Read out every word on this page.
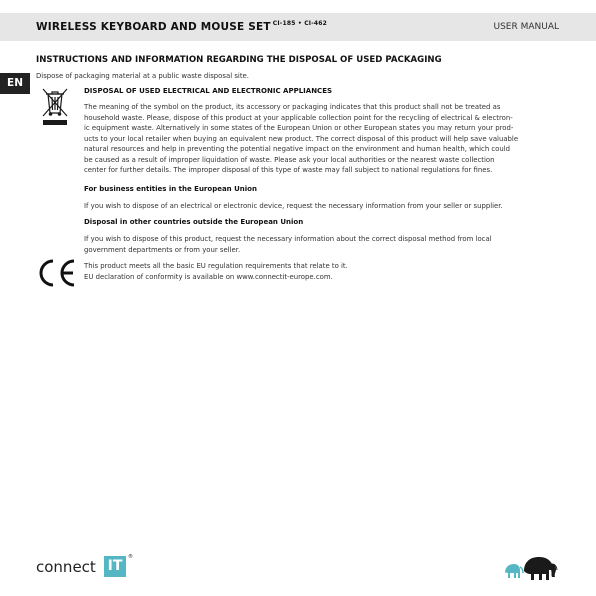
WIRELESS KEYBOARD AND MOUSE SET $^{CI-185 • CI-462}$	USER MANUAL
EN
INSTRUCTIONS AND INFORMATION REGARDING THE DISPOSAL OF USED PACKAGING
Dispose of packaging material at a public waste disposal site.
DISPOSAL OF USED ELECTRICAL AND ELECTRONIC APPLIANCES
The meaning of the symbol on the product, its accessory or packaging indicates that this product shall not be treated as
household waste. Please, dispose of this product at your applicable collection point for the recycling of electrical & electron-
ic equipment waste. Alternatively in some states of the European Union or other European states you may return your prod-
ucts to your local retailer when buying an equivalent new product. The correct disposal of this product will help save valuable
natural resources and help in preventing the potential negative impact on the environment and human health, which could
be caused as a result of improper liquidation of waste. Please ask your local authorities or the nearest waste collection
center for further details. The improper disposal of this type of waste may fall subject to national regulations for fines.
For business entities in the European Union
If you wish to dispose of an electrical or electronic device, request the necessary information from your seller or supplier.
Disposal in other countries outside the European Union
If you wish to dispose of this product, request the necessary information about the correct disposal method from local
government departments or from your seller.
This product meets all the basic EU regulation requirements that relate to it.
EU declaration of conformity is available on www.connectit-europe.com.
connect IT
®
